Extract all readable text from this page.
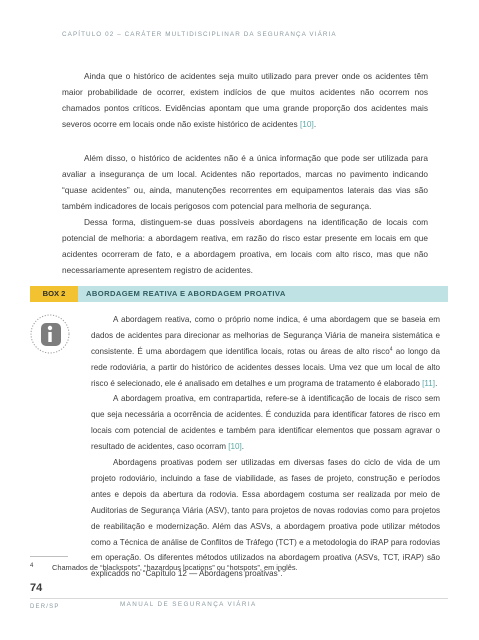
CAPÍTULO 02 – CARÁTER MULTIDISCIPLINAR DA SEGURANÇA VIÁRIA

Ainda que o histórico de acidentes seja muito utilizado para prever onde os acidentes têm maior probabilidade de ocorrer, existem indícios de que muitos acidentes não ocorrem nos chamados pontos críticos. Evidências apontam que uma grande proporção dos acidentes mais severos ocorre em locais onde não existe histórico de acidentes [10].

Além disso, o histórico de acidentes não é a única informação que pode ser utilizada para avaliar a insegurança de um local. Acidentes não reportados, marcas no pavimento indicando “quase acidentes” ou, ainda, manutenções recorrentes em equipamentos laterais das vias são também indicadores de locais perigosos com potencial para melhoria de segurança.

Dessa forma, distinguem-se duas possíveis abordagens na identificação de locais com potencial de melhoria: a abordagem reativa, em razão do risco estar presente em locais em que acidentes ocorreram de fato, e a abordagem proativa, em locais com alto risco, mas que não necessariamente apresentem registro de acidentes.

BOX 2	ABORDAGEM REATIVA E ABORDAGEM PROATIVA

A abordagem reativa, como o próprio nome indica, é uma abordagem que se baseia em dados de acidentes para direcionar as melhorias de Segurança Viária de maneira sistemática e consistente. É uma abordagem que identifica locais, rotas ou áreas de alto risco$^4$ ao longo da rede rodoviária, a partir do histórico de acidentes desses locais. Uma vez que um local de alto risco é selecionado, ele é analisado em detalhes e um programa de tratamento é elaborado [11].

A abordagem proativa, em contrapartida, refere-se à identificação de locais de risco sem que seja necessária a ocorrência de acidentes. É conduzida para identificar fatores de risco em locais com potencial de acidentes e também para identificar elementos que possam agravar o resultado de acidentes, caso ocorram [10].

Abordagens proativas podem ser utilizadas em diversas fases do ciclo de vida de um projeto rodoviário, incluindo a fase de viabilidade, as fases de projeto, construção e períodos antes e depois da abertura da rodovia. Essa abordagem costuma ser realizada por meio de Auditorias de Segurança Viária (ASV), tanto para projetos de novas rodovias como para projetos de reabilitação e modernização. Além das ASVs, a abordagem proativa pode utilizar métodos como a Técnica de análise de Conflitos de Tráfego (TCT) e a metodologia do iRAP para rodovias em operação. Os diferentes métodos utilizados na abordagem proativa (ASVs, TCT, iRAP) são explicados no “Capítulo 12 — Abordagens proativas”.

4	Chamados de “blackspots”, “hazardous locations” ou “hotspots”, em inglês.
74
DER/SP	MANUAL DE SEGURANÇA VIÁRIA
